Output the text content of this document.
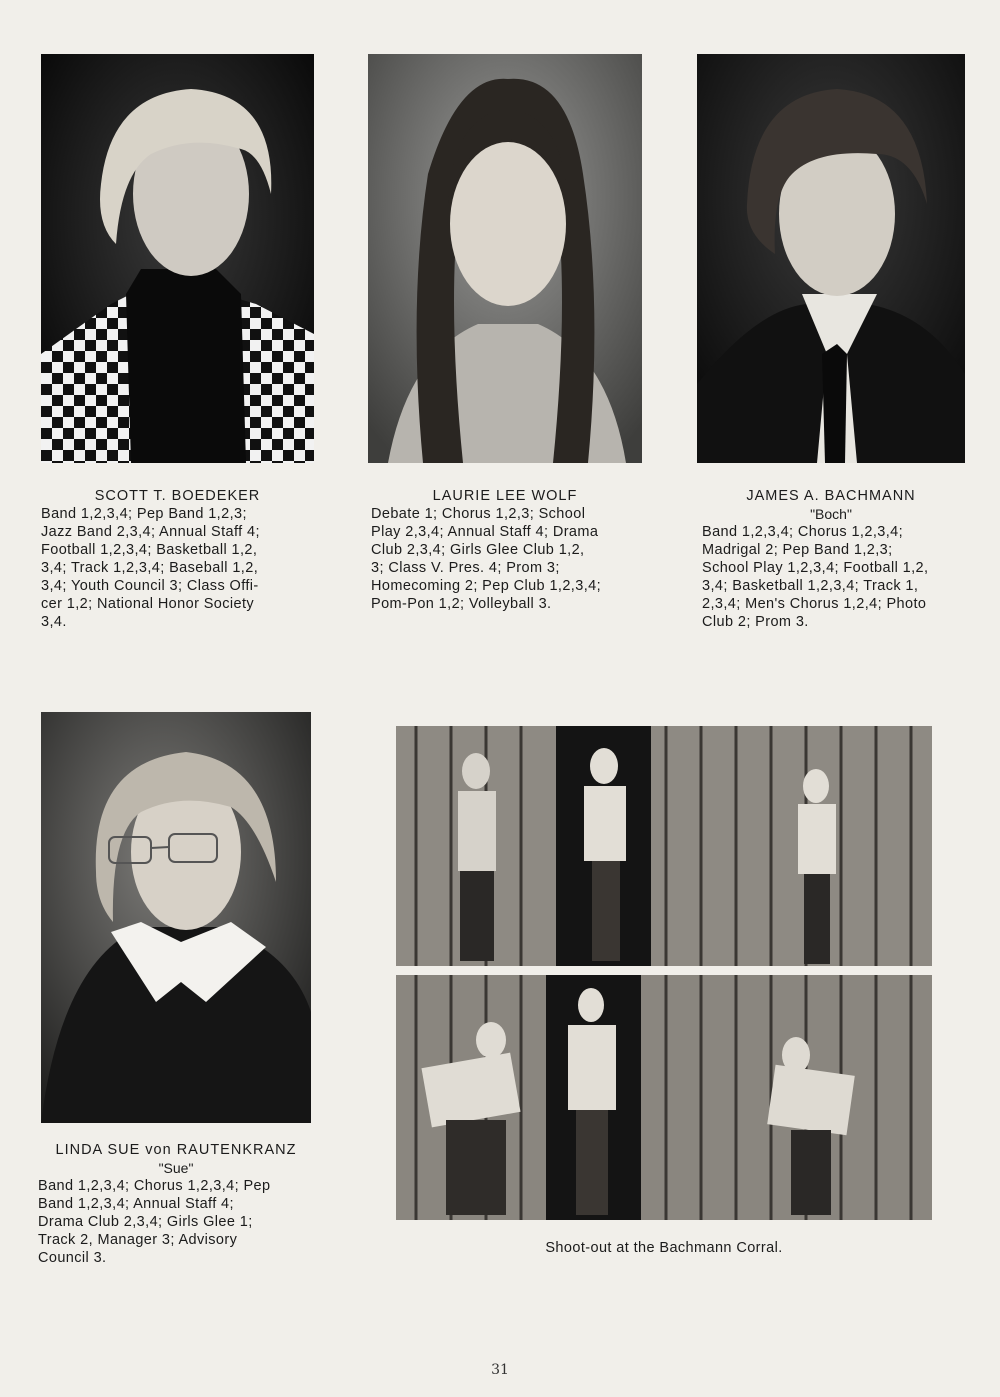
SCOTT T. BOEDEKER
Band 1,2,3,4; Pep Band 1,2,3;
Jazz Band 2,3,4; Annual Staff 4;
Football 1,2,3,4; Basketball 1,2,
3,4; Track 1,2,3,4; Baseball 1,2,
3,4; Youth Council 3; Class Offi-
cer 1,2; National Honor Society
3,4.
LAURIE LEE WOLF
Debate 1; Chorus 1,2,3; School
Play 2,3,4; Annual Staff 4; Drama
Club 2,3,4; Girls Glee Club 1,2,
3; Class V. Pres. 4; Prom 3;
Homecoming 2; Pep Club 1,2,3,4;
Pom-Pon 1,2; Volleyball 3.
JAMES A. BACHMANN
"Boch"
Band 1,2,3,4; Chorus 1,2,3,4;
Madrigal 2; Pep Band 1,2,3;
School Play 1,2,3,4; Football 1,2,
3,4; Basketball 1,2,3,4; Track 1,
2,3,4; Men's Chorus 1,2,4; Photo
Club 2; Prom 3.
LINDA SUE von RAUTENKRANZ
"Sue"
Band 1,2,3,4; Chorus 1,2,3,4; Pep
Band 1,2,3,4; Annual Staff 4;
Drama Club 2,3,4; Girls Glee 1;
Track 2, Manager 3; Advisory
Council 3.
Shoot-out at the Bachmann Corral.
31
